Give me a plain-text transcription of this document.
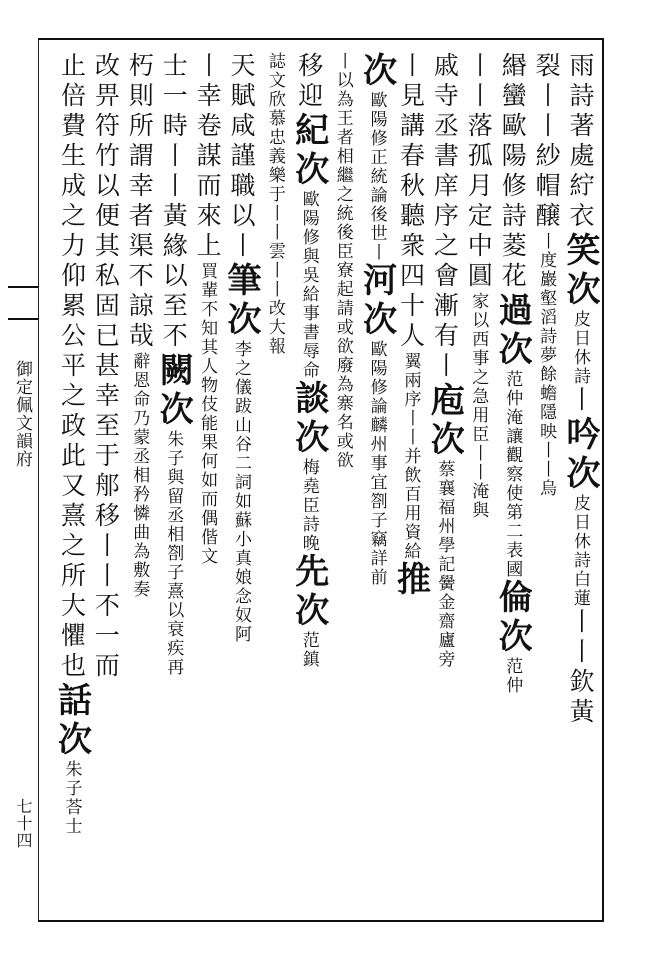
御定佩文韻府
七十四
雨詩著處紵衣笑次皮日休詩丨吟次皮日休詩白蓮丨丨欽黃
裂丨丨紗帽醸丨度巖壑滔詩夢餘蟾隱映丨丨烏
緡蠻歐陽修詩菱花過次范仲淹讓觀察使第二表國倫次范仲
丨丨落孤月定中圓家以西事之急用臣丨丨淹與
戚寺丞書庠序之會漸有丨庖次蔡襄福州學記黌金齋廬旁
丨見講春秋聽衆四十人翼兩序丨丨并飲百用資給推
次歐陽修正統論後世丨河次歐陽修論麟州事宜劄子竊詳前
丨以為王者相繼之統後臣寮起請或欲廢為寨名或欲
移迎紀次歐陽修與吳給事書辱命談次梅堯臣詩晚先次范鎮
誌文欣慕忠義樂于丨丨雲丨丨改大報
天賦咸謹職以丨筆次李之儀跋山谷二詞如蘇小真娘念奴阿
丨幸卷謀而來上買輩不知其人物伎能果何如而偶偕文
士一時丨丨黃緣以至不闕次朱子與留丞相劄子熹以衰疾再
朽則所謂幸者渠不諒哉辭恩命乃蒙丞相矜憐曲為敷奏
改畀符竹以便其私固已甚幸至于郍移丨丨不一而
止倍費生成之力仰累公平之政此又熹之所大懼也話次朱子荅士
